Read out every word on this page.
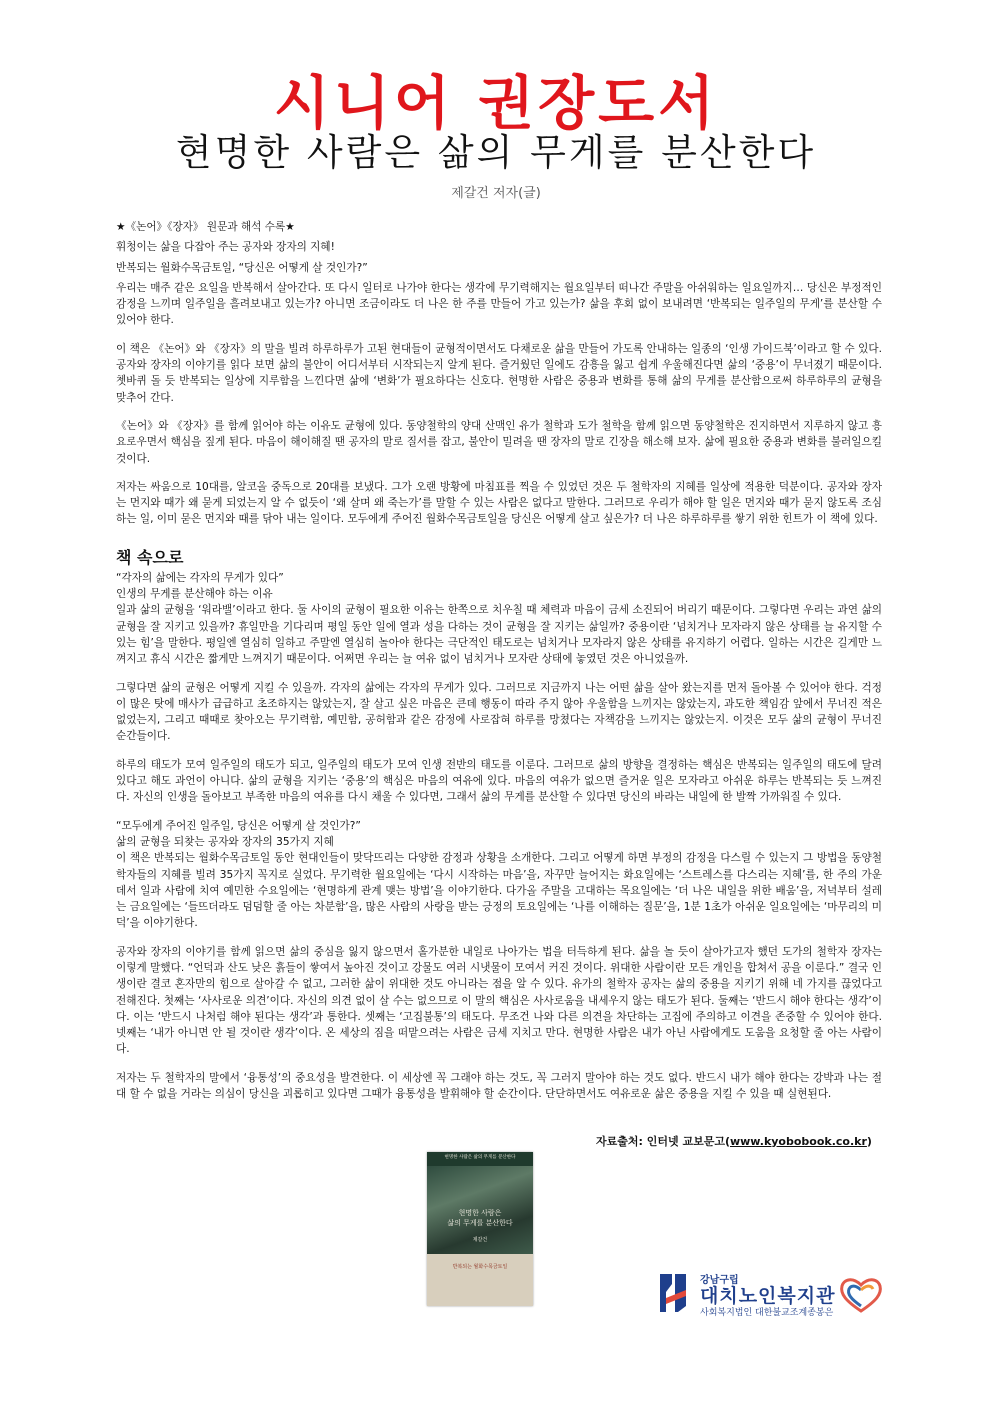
시니어 권장도서
현명한 사람은 삶의 무게를 분산한다
제갈건 저자(글)

★《논어》《장자》 원문과 해석 수록★

휘청이는 삶을 다잡아 주는 공자와 장자의 지혜!

반복되는 월화수목금토일, “당신은 어떻게 살 것인가?”

우리는 매주 같은 요일을 반복해서 살아간다. 또 다시 일터로 나가야 한다는 생각에 무기력해지는 월요일부터 떠나간 주말을 아쉬워하는 일요일까지… 당신은 부정적인 감정을 느끼며 일주일을 흘려보내고 있는가? 아니면 조금이라도 더 나은 한 주를 만들어 가고 있는가? 삶을 후회 없이 보내려면 ‘반복되는 일주일의 무게’를 분산할 수 있어야 한다.

이 책은 《논어》와 《장자》의 말을 빌려 하루하루가 고된 현대들이 균형적이면서도 다채로운 삶을 만들어 가도록 안내하는 일종의 ‘인생 가이드북’이라고 할 수 있다. 공자와 장자의 이야기를 읽다 보면 삶의 불안이 어디서부터 시작되는지 알게 된다. 즐거웠던 일에도 감흥을 잃고 쉽게 우울해진다면 삶의 ‘중용’이 무너졌기 때문이다. 쳇바퀴 돌 듯 반복되는 일상에 지루함을 느낀다면 삶에 ‘변화’가 필요하다는 신호다. 현명한 사람은 중용과 변화를 통해 삶의 무게를 분산함으로써 하루하루의 균형을 맞추어 간다.

《논어》와 《장자》를 함께 읽어야 하는 이유도 균형에 있다. 동양철학의 양대 산맥인 유가 철학과 도가 철학을 함께 읽으면 동양철학은 진지하면서 지루하지 않고 흥요로우면서 핵심을 짚게 된다. 마음이 해이해질 땐 공자의 말로 질서를 잡고, 불안이 밀려올 땐 장자의 말로 긴장을 해소해 보자. 삶에 필요한 중용과 변화를 불러일으킬 것이다.

저자는 싸움으로 10대를, 알코올 중독으로 20대를 보냈다. 그가 오랜 방황에 마침표를 찍을 수 있었던 것은 두 철학자의 지혜를 일상에 적용한 덕분이다. 공자와 장자는 먼지와 때가 왜 묻게 되었는지 알 수 없듯이 ‘왜 살며 왜 죽는가’를 말할 수 있는 사람은 없다고 말한다. 그러므로 우리가 해야 할 일은 먼지와 때가 묻지 않도록 조심하는 일, 이미 묻은 먼지와 때를 닦아 내는 일이다. 모두에게 주어진 월화수목금토일을 당신은 어떻게 살고 싶은가? 더 나은 하루하루를 쌓기 위한 힌트가 이 책에 있다.

책 속으로

“각자의 삶에는 각자의 무게가 있다”

인생의 무게를 분산해야 하는 이유

일과 삶의 균형을 ‘워라밸’이라고 한다. 둘 사이의 균형이 필요한 이유는 한쪽으로 치우칠 때 체력과 마음이 금세 소진되어 버리기 때문이다. 그렇다면 우리는 과연 삶의 균형을 잘 지키고 있을까? 휴일만을 기다리며 평일 동안 일에 열과 성을 다하는 것이 균형을 잘 지키는 삶일까? 중용이란 ‘넘치거나 모자라지 않은 상태를 늘 유지할 수 있는 힘’을 말한다. 평일엔 열심히 일하고 주말엔 열심히 놀아야 한다는 극단적인 태도로는 넘치거나 모자라지 않은 상태를 유지하기 어렵다. 일하는 시간은 길게만 느껴지고 휴식 시간은 짧게만 느껴지기 때문이다. 어쩌면 우리는 늘 여유 없이 넘치거나 모자란 상태에 놓였던 것은 아니었을까.

그렇다면 삶의 균형은 어떻게 지킬 수 있을까. 각자의 삶에는 각자의 무게가 있다. 그러므로 지금까지 나는 어떤 삶을 살아 왔는지를 먼저 돌아볼 수 있어야 한다. 걱정이 많은 탓에 매사가 급급하고 초조하지는 않았는지, 잘 살고 싶은 마음은 큰데 행동이 따라 주지 않아 우울함을 느끼지는 않았는지, 과도한 책임감 앞에서 무너진 적은 없었는지, 그리고 때때로 찾아오는 무기력함, 예민함, 공허함과 같은 감정에 사로잡혀 하루를 망쳤다는 자책감을 느끼지는 않았는지. 이것은 모두 삶의 균형이 무너진 순간들이다.

하루의 태도가 모여 일주일의 태도가 되고, 일주일의 태도가 모여 인생 전반의 태도를 이룬다. 그러므로 삶의 방향을 결정하는 핵심은 반복되는 일주일의 태도에 달려 있다고 해도 과언이 아니다. 삶의 균형을 지키는 ‘중용’의 핵심은 마음의 여유에 있다. 마음의 여유가 없으면 즐거운 일은 모자라고 아쉬운 하루는 반복되는 듯 느껴진다. 자신의 인생을 돌아보고 부족한 마음의 여유를 다시 채울 수 있다면, 그래서 삶의 무게를 분산할 수 있다면 당신의 바라는 내일에 한 발짝 가까워질 수 있다.

“모두에게 주어진 일주일, 당신은 어떻게 살 것인가?”

삶의 균형을 되찾는 공자와 장자의 35가지 지혜

이 책은 반복되는 월화수목금토일 동안 현대인들이 맞닥뜨리는 다양한 감정과 상황을 소개한다. 그리고 어떻게 하면 부정의 감정을 다스릴 수 있는지 그 방법을 동양철학자들의 지혜를 빌려 35가지 꼭지로 실었다. 무기력한 월요일에는 ‘다시 시작하는 마음’을, 자꾸만 늘어지는 화요일에는 ‘스트레스를 다스리는 지혜’를, 한 주의 가운데서 일과 사람에 치여 예민한 수요일에는 ‘현명하게 관계 맺는 방법’을 이야기한다. 다가올 주말을 고대하는 목요일에는 ‘더 나은 내일을 위한 배움’을, 저녁부터 설레는 금요일에는 ‘들뜨더라도 덤덤할 줄 아는 차분함’을, 많은 사람의 사랑을 받는 긍정의 토요일에는 ‘나를 이해하는 질문’을, 1분 1초가 아쉬운 일요일에는 ‘마무리의 미덕’을 이야기한다.

공자와 장자의 이야기를 함께 읽으면 삶의 중심을 잃지 않으면서 홀가분한 내일로 나아가는 법을 터득하게 된다. 삶을 놀 듯이 살아가고자 했던 도가의 철학자 장자는 이렇게 말했다. “언덕과 산도 낮은 흙들이 쌓여서 높아진 것이고 강물도 여러 시냇물이 모여서 커진 것이다. 위대한 사람이란 모든 개인을 합쳐서 공을 이룬다.” 결국 인생이란 결코 혼자만의 힘으로 살아갈 수 없고, 그러한 삶이 위대한 것도 아니라는 점을 알 수 있다. 유가의 철학자 공자는 삶의 중용을 지키기 위해 네 가지를 끊었다고 전해진다. 첫째는 ‘사사로운 의견’이다. 자신의 의견 없이 살 수는 없으므로 이 말의 핵심은 사사로움을 내세우지 않는 태도가 된다. 둘째는 ‘반드시 해야 한다는 생각’이다. 이는 ‘반드시 나처럼 해야 된다는 생각’과 통한다. 셋째는 ‘고집불통’의 태도다. 무조건 나와 다른 의견을 차단하는 고집에 주의하고 이견을 존중할 수 있어야 한다. 넷째는 ‘내가 아니면 안 될 것이란 생각’이다. 온 세상의 짐을 떠맡으려는 사람은 금세 지치고 만다. 현명한 사람은 내가 아닌 사람에게도 도움을 요청할 줄 아는 사람이다.

저자는 두 철학자의 말에서 ‘융통성’의 중요성을 발견한다. 이 세상엔 꼭 그래야 하는 것도, 꼭 그러지 말아야 하는 것도 없다. 반드시 내가 해야 한다는 강박과 나는 절대 할 수 없을 거라는 의심이 당신을 괴롭히고 있다면 그때가 융통성을 발휘해야 할 순간이다. 단단하면서도 여유로운 삶은 중용을 지킬 수 있을 때 실현된다.

자료출처: 인터넷 교보문고(www.kyobobook.co.kr)
현명한 사람은 삶의 무게를 분산한다
현명한 사람은
삶의 무게를 분산한다
제갈건
반복되는 월화수목금토일
강남구립
대치노인복지관
사회복지법인 대한불교조계종봉은
